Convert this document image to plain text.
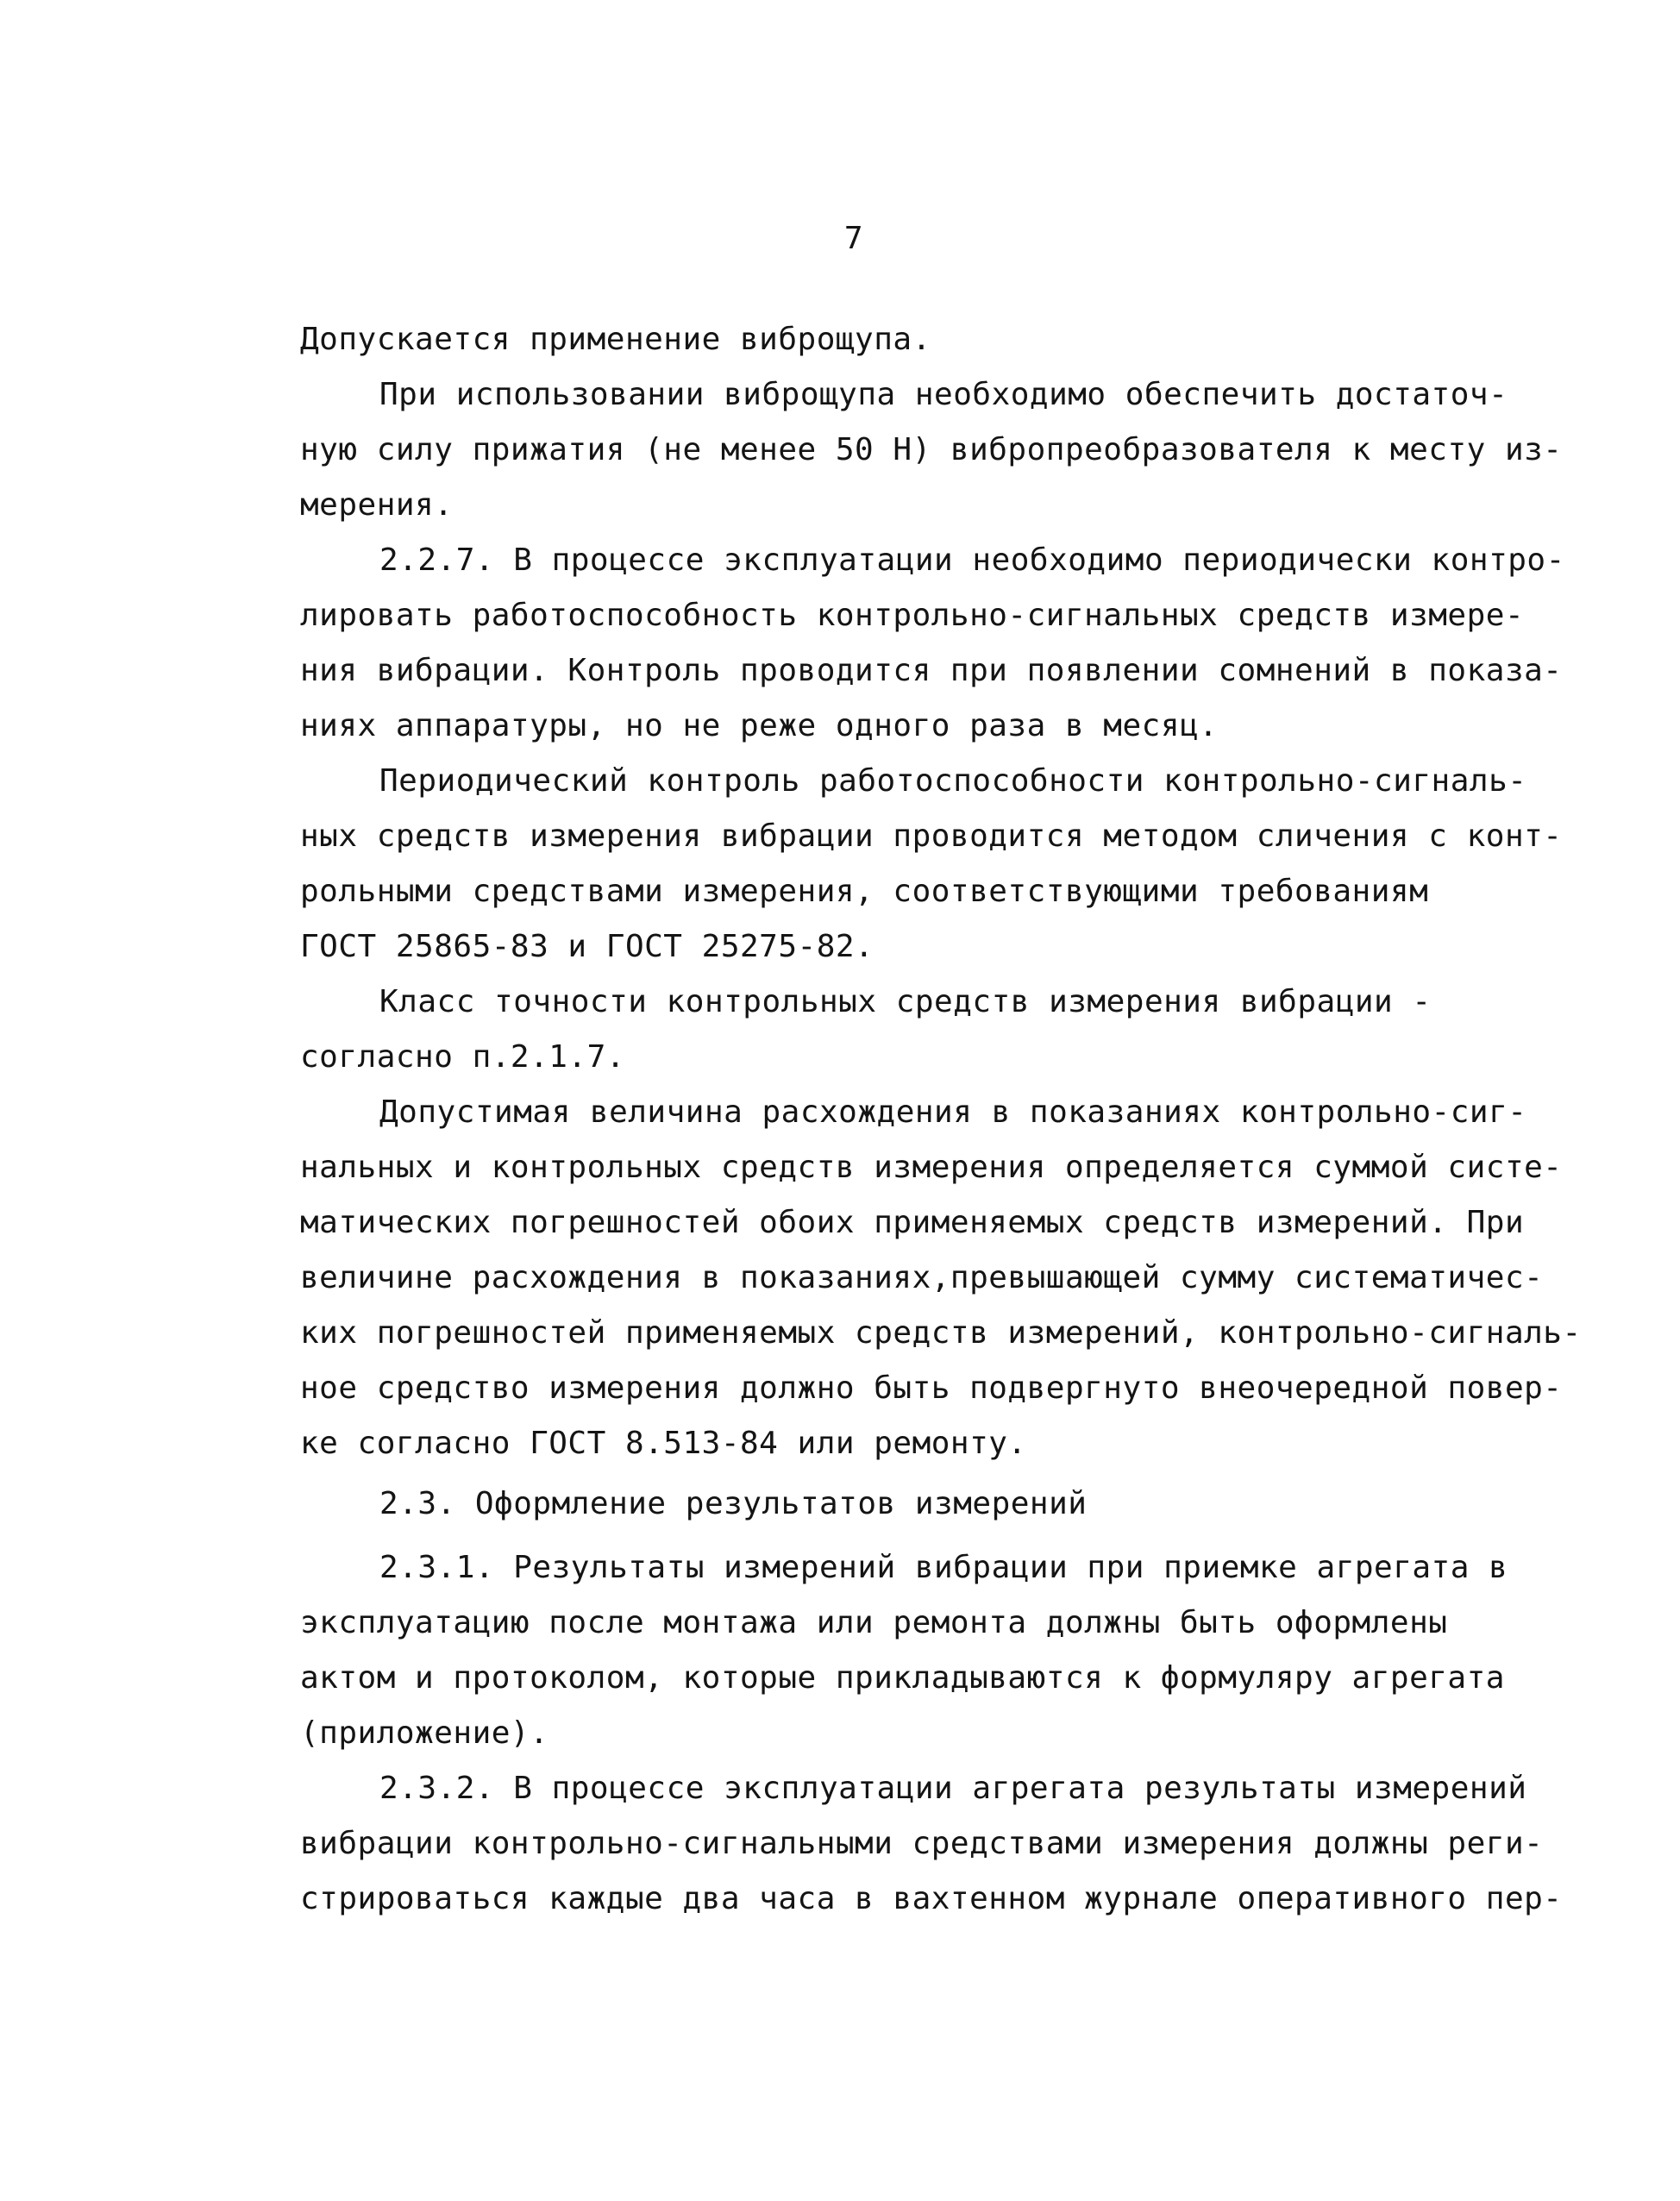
7
Допускается применение виброщупа.
При использовании виброщупа необходимо обеспечить достаточ-
ную силу прижатия (не менее 50 Н) вибропреобразователя к месту из-
мерения.
2.2.7. В процессе эксплуатации необходимо периодически контро-
лировать работоспособность контрольно-сигнальных средств измере-
ния вибрации. Контроль проводится при появлении сомнений в показа-
ниях аппаратуры, но не реже одного раза в месяц.
Периодический контроль работоспособности контрольно-сигналь-
ных средств измерения вибрации проводится методом сличения с конт-
рольными средствами измерения, соответствующими требованиям
ГОСТ 25865-83 и ГОСТ 25275-82.
Класс точности контрольных средств измерения вибрации -
согласно п.2.1.7.
Допустимая величина расхождения в показаниях контрольно-сиг-
нальных и контрольных средств измерения определяется суммой систе-
матических погрешностей обоих применяемых средств измерений. При
величине расхождения в показаниях,превышающей сумму систематичес-
ких погрешностей применяемых средств измерений, контрольно-сигналь-
ное средство измерения должно быть подвергнуто внеочередной повер-
ке согласно ГОСТ 8.513-84 или ремонту.
2.3. Оформление результатов измерений
2.3.1. Результаты измерений вибрации при приемке агрегата в
эксплуатацию после монтажа или ремонта должны быть оформлены
актом и протоколом, которые прикладываются к формуляру агрегата
(приложение).
2.3.2. В процессе эксплуатации агрегата результаты измерений
вибрации контрольно-сигнальными средствами измерения должны реги-
стрироваться каждые два часа в вахтенном журнале оперативного пер-
